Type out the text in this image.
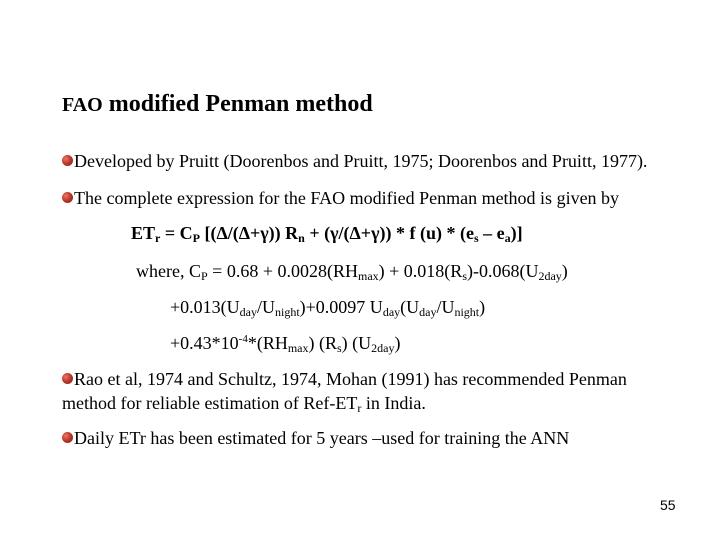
FAO modified Penman method
Developed by Pruitt (Doorenbos and Pruitt, 1975; Doorenbos and Pruitt, 1977).
The complete expression for the FAO modified Penman method is given by
$ET_r = C_P$ [(Δ/(Δ+γ)) $R_n + (\gamma/(\Delta+\gamma)) * f$ $(u) * (e_s - e_a)$]
where, $C_P = 0.68 + 0.0028(RH_{max}) + 0.018(R_s)-0.068(U_{2day})$
$+0.013(U_{day}/U_{night})+0.0097$ $U_{day}(U_{day}/U_{night})$
$+0.43*10^{-4}*(RH_{max})$ $(R_s)$ $(U_{2day})$
Rao et al, 1974 and Schultz, 1974, Mohan (1991) has recommended Penman
method for reliable estimation of Ref-$ET_r$ in India.
Daily ETr has been estimated for 5 years –used for training the ANN
55
